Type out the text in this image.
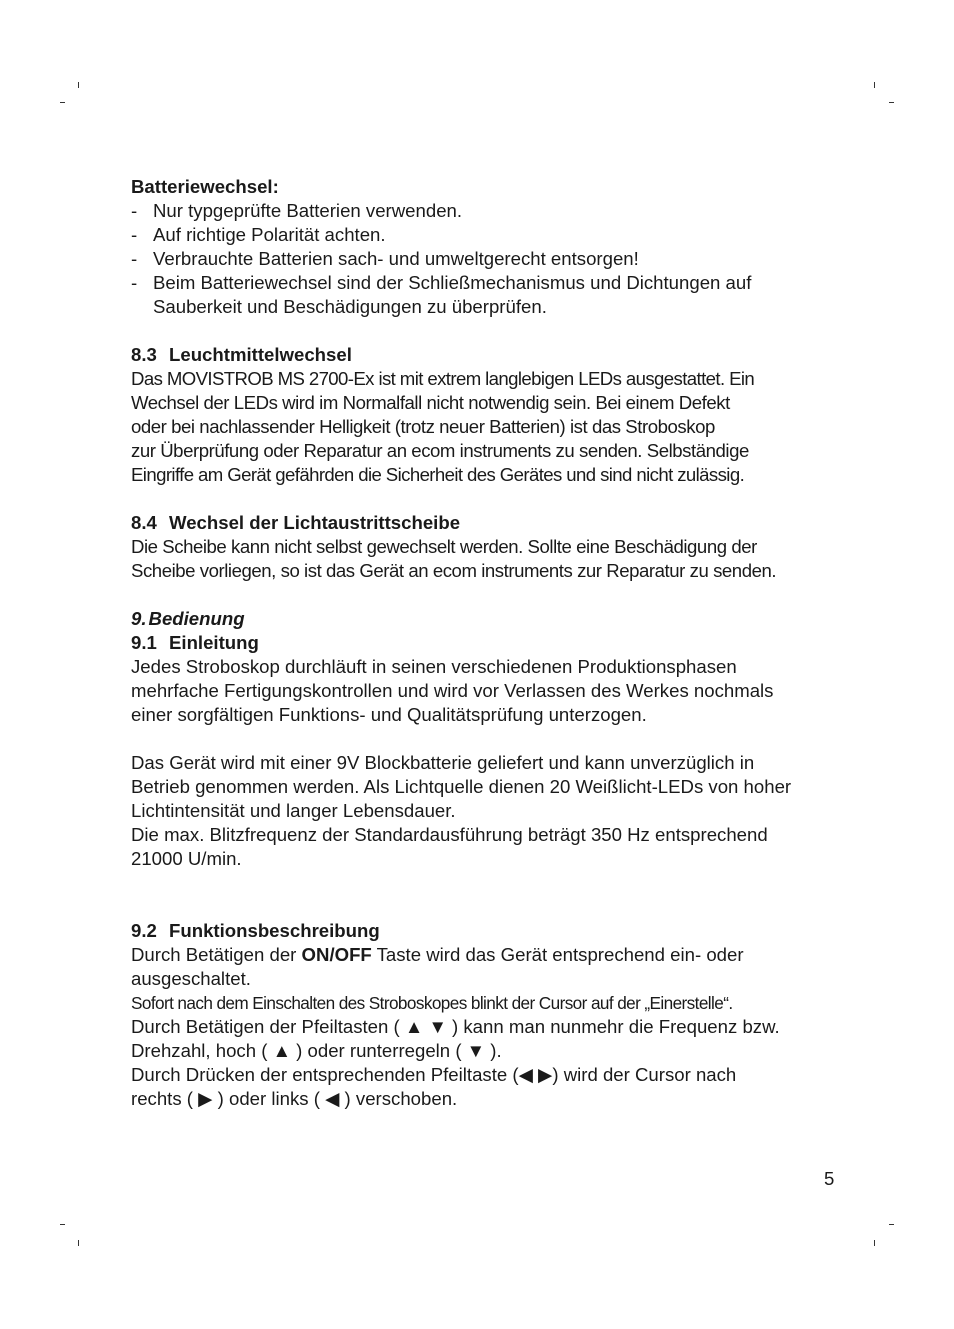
Batteriewechsel:

- Nur typgeprüfte Batterien verwenden.
- Auf richtige Polarität achten.
- Verbrauchte Batterien sach- und umweltgerecht entsorgen!
- Beim Batteriewechsel sind der Schließmechanismus und Dichtungen auf Sauberkeit und Beschädigungen zu überprüfen.

8.3 Leuchtmittelwechsel

Das MOVISTROB MS 2700-Ex ist mit extrem langlebigen LEDs ausgestattet. Ein

Wechsel der LEDs wird im Normalfall nicht notwendig sein. Bei einem Defekt

oder bei nachlassender Helligkeit (trotz neuer Batterien) ist das Stroboskop

zur Überprüfung oder Reparatur an ecom instruments zu senden. Selbständige

Eingriffe am Gerät gefährden die Sicherheit des Gerätes und sind nicht zulässig.

8.4 Wechsel der Lichtaustrittscheibe

Die Scheibe kann nicht selbst gewechselt werden. Sollte eine Beschädigung der

Scheibe vorliegen, so ist das Gerät an ecom instruments zur Reparatur zu senden.

9. Bedienung

9.1 Einleitung

Jedes Stroboskop durchläuft in seinen verschiedenen Produktionsphasen

mehrfache Fertigungskontrollen und wird vor Verlassen des Werkes nochmals

einer sorgfältigen Funktions- und Qualitätsprüfung unterzogen.

Das Gerät wird mit einer 9V Blockbatterie geliefert und kann unverzüglich in

Betrieb genommen werden. Als Lichtquelle dienen 20 Weißlicht-LEDs von hoher

Lichtintensität und langer Lebensdauer.

Die max. Blitzfrequenz der Standardausführung beträgt 350 Hz entsprechend

21000 U/min.

9.2 Funktionsbeschreibung

Durch Betätigen der ON/OFF Taste wird das Gerät entsprechend ein- oder

ausgeschaltet.

Sofort nach dem Einschalten des Stroboskopes blinkt der Cursor auf der „Einerstelle“.

Durch Betätigen der Pfeiltasten ( ▲ ▼ ) kann man nunmehr die Frequenz bzw.

Drehzahl, hoch ( ▲ ) oder runterregeln ( ▼ ).

Durch Drücken der entsprechenden Pfeiltaste (◀ ▶) wird der Cursor nach

rechts ( ▶ ) oder links ( ◀ ) verschoben.

5
